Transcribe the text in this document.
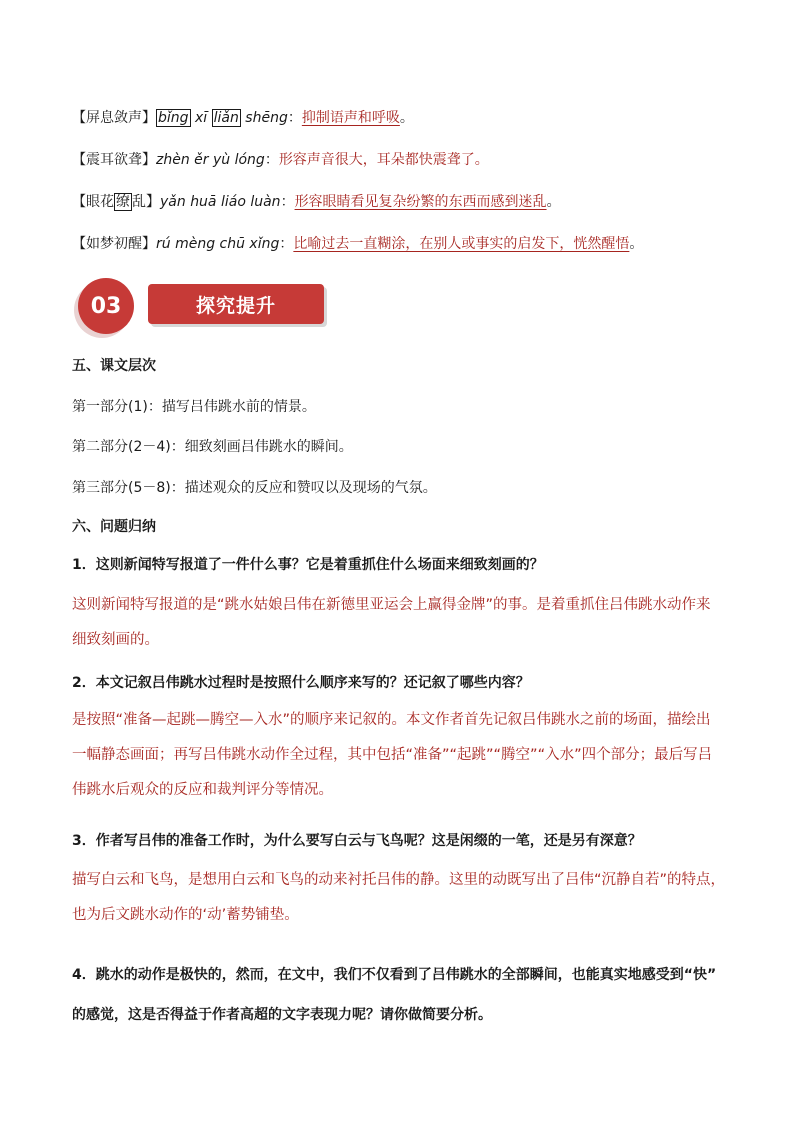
【屏息敛声】 bǐng xī liǎn shēng：抑制语声和呼吸。
【震耳欲聋】zhèn ěr yù lóng：形容声音很大，耳朵都快震聋了。
【眼花 缭 乱】yǎn huā liáo luàn：形容眼睛看见复杂纷繁的东西而感到迷乱。
【如梦初醒】rú mèng chū xǐng：比喻过去一直糊涂，在别人或事实的启发下，恍然醒悟。
03	探究提升
五、课文层次
第一部分(1)：描写吕伟跳水前的情景。
第二部分(2－4)：细致刻画吕伟跳水的瞬间。
第三部分(5－8)：描述观众的反应和赞叹以及现场的气氛。
六、问题归纳
1．这则新闻特写报道了一件什么事？它是着重抓住什么场面来细致刻画的？
这则新闻特写报道的是“跳水姑娘吕伟在新德里亚运会上赢得金牌”的事。是着重抓住吕伟跳水动作来
细致刻画的。
2．本文记叙吕伟跳水过程时是按照什么顺序来写的？还记叙了哪些内容？
是按照“准备—起跳—腾空—入水”的顺序来记叙的。本文作者首先记叙吕伟跳水之前的场面，描绘出
一幅静态画面；再写吕伟跳水动作全过程，其中包括“准备”“起跳”“腾空”“入水”四个部分；最后写吕
伟跳水后观众的反应和裁判评分等情况。
3．作者写吕伟的准备工作时，为什么要写白云与飞鸟呢？这是闲缀的一笔，还是另有深意？
描写白云和飞鸟，是想用白云和飞鸟的动来衬托吕伟的静。这里的动既写出了吕伟“沉静自若”的特点，
也为后文跳水动作的‘动’蓄势铺垫。
4．跳水的动作是极快的，然而，在文中，我们不仅看到了吕伟跳水的全部瞬间，也能真实地感受到“快”
的感觉，这是否得益于作者高超的文字表现力呢？请你做简要分析。
